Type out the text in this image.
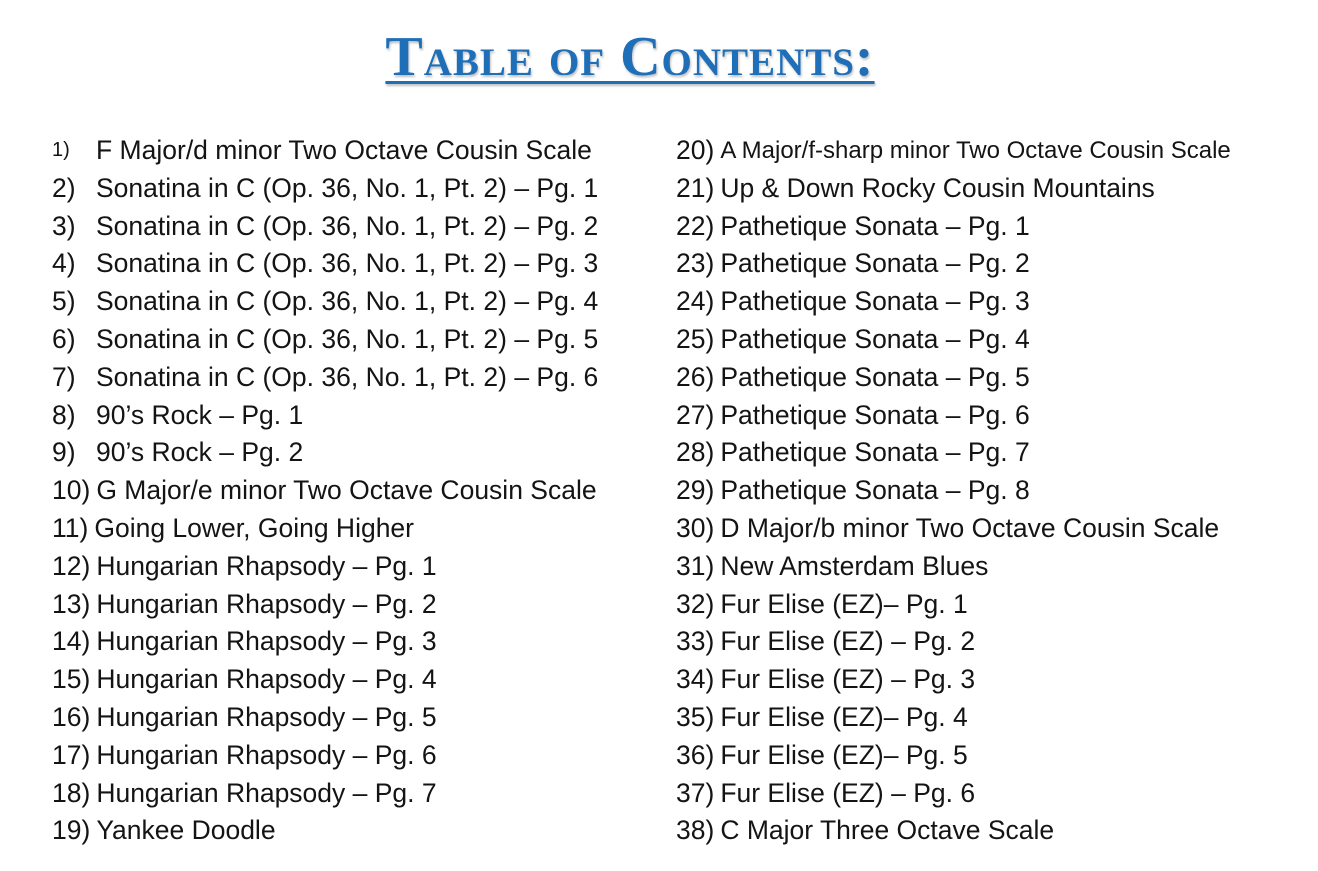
Table of Contents:
1) F Major/d minor Two Octave Cousin Scale
2) Sonatina in C (Op. 36, No. 1, Pt. 2) – Pg. 1
3) Sonatina in C (Op. 36, No. 1, Pt. 2) – Pg. 2
4) Sonatina in C (Op. 36, No. 1, Pt. 2) – Pg. 3
5) Sonatina in C (Op. 36, No. 1, Pt. 2) – Pg. 4
6) Sonatina in C (Op. 36, No. 1, Pt. 2) – Pg. 5
7) Sonatina in C (Op. 36, No. 1, Pt. 2) – Pg. 6
8) 90’s Rock – Pg. 1
9) 90’s Rock – Pg. 2
10) G Major/e minor Two Octave Cousin Scale
11) Going Lower, Going Higher
12) Hungarian Rhapsody – Pg. 1
13) Hungarian Rhapsody – Pg. 2
14) Hungarian Rhapsody – Pg. 3
15) Hungarian Rhapsody – Pg. 4
16) Hungarian Rhapsody – Pg. 5
17) Hungarian Rhapsody – Pg. 6
18) Hungarian Rhapsody – Pg. 7
19) Yankee Doodle
20) A Major/f-sharp minor Two Octave Cousin Scale
21) Up & Down Rocky Cousin Mountains
22) Pathetique Sonata – Pg. 1
23) Pathetique Sonata – Pg. 2
24) Pathetique Sonata – Pg. 3
25) Pathetique Sonata – Pg. 4
26) Pathetique Sonata – Pg. 5
27) Pathetique Sonata – Pg. 6
28) Pathetique Sonata – Pg. 7
29) Pathetique Sonata – Pg. 8
30) D Major/b minor Two Octave Cousin Scale
31) New Amsterdam Blues
32) Fur Elise (EZ)– Pg. 1
33) Fur Elise (EZ) – Pg. 2
34) Fur Elise (EZ) – Pg. 3
35) Fur Elise (EZ)– Pg. 4
36) Fur Elise (EZ)– Pg. 5
37) Fur Elise (EZ) – Pg. 6
38) C Major Three Octave Scale
